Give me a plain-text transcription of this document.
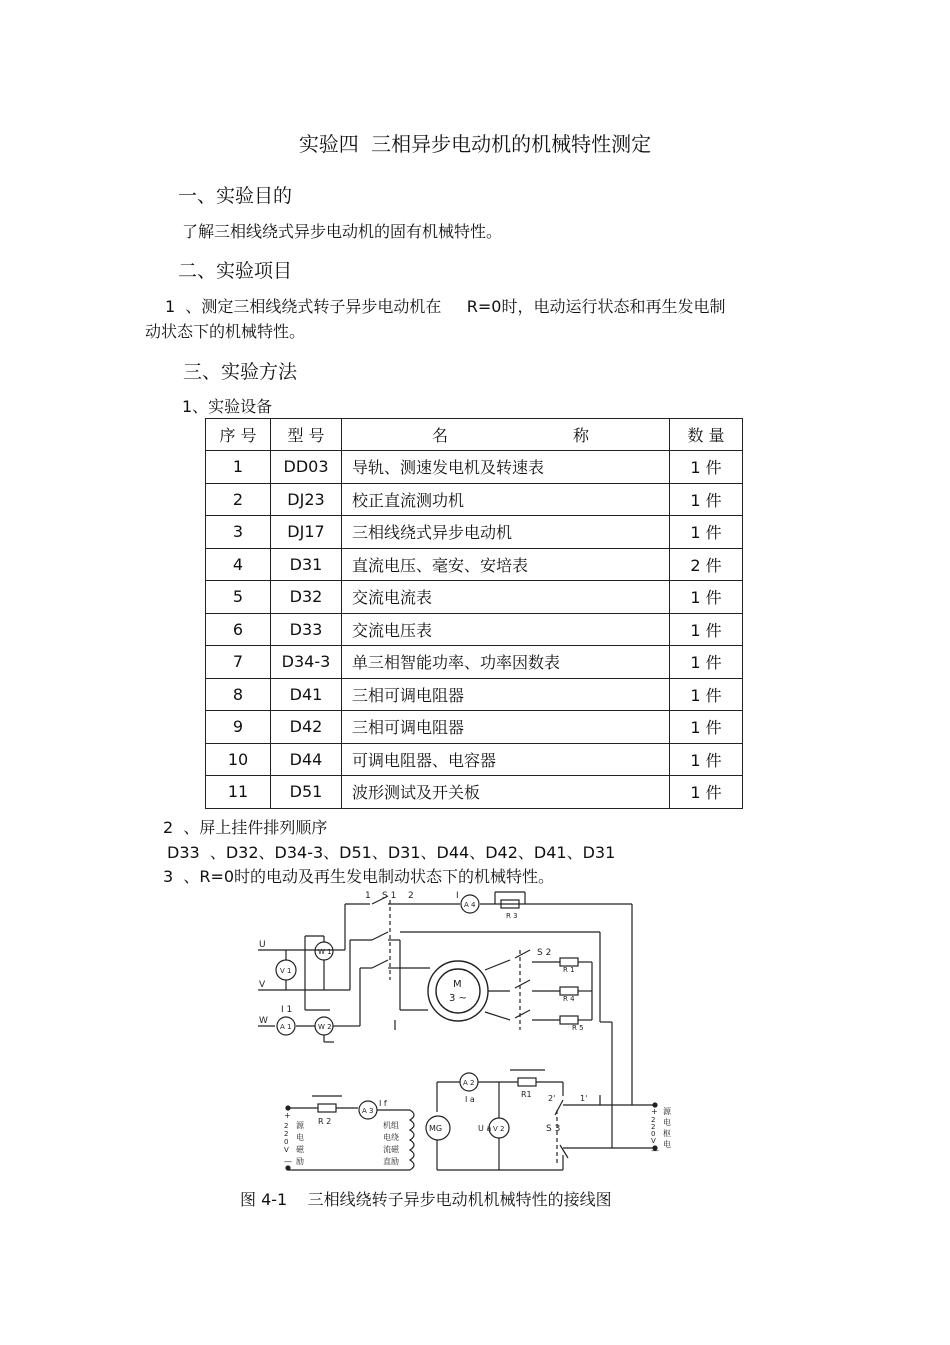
实验四 三相异步电动机的机械特性测定
一、实验目的
了解三相线绕式异步电动机的固有机械特性。
二、实验项目
1  、测定三相线绕式转子异步电动机在     R=0时，电动运行状态和再生发电制
动状态下的机械特性。
三、实验方法
1、实验设备
序 号	型 号	名 称	数 量
1	DD03	导轨、测速发电机及转速表	1 件
2	DJ23	校正直流测功机	1 件
3	DJ17	三相线绕式异步电动机	1 件
4	D31	直流电压、毫安、安培表	2 件
5	D32	交流电流表	1 件
6	D33	交流电压表	1 件
7	D34-3	单三相智能功率、功率因数表	1 件
8	D41	三相可调电阻器	1 件
9	D42	三相可调电阻器	1 件
10	D44	可调电阻器、电容器	1 件
11	D51	波形测试及开关板	1 件
2  、屏上挂件排列顺序
D33  、D32、D34-3、D51、D31、D44、D42、D41、D31
3  、R=0时的电动及再生发电制动状态下的机械特性。
U
V
W
I 1
V 1
W 1
W 2
A 1
S 1
1	2	I
A 4
R 3
S 2
R 1
R 4
R 5
M
3 ~
A 2
I a
R1
V 2
U a
MG	S 3
2'	1'
R 2
A 3
I f
+
2
2
0
V
源
电
磁
励
—
机组
电绕
流磁
直励
+
2
2
0
V
源
电
枢
电
—
图 4-1    三相线绕转子异步电动机机械特性的接线图
